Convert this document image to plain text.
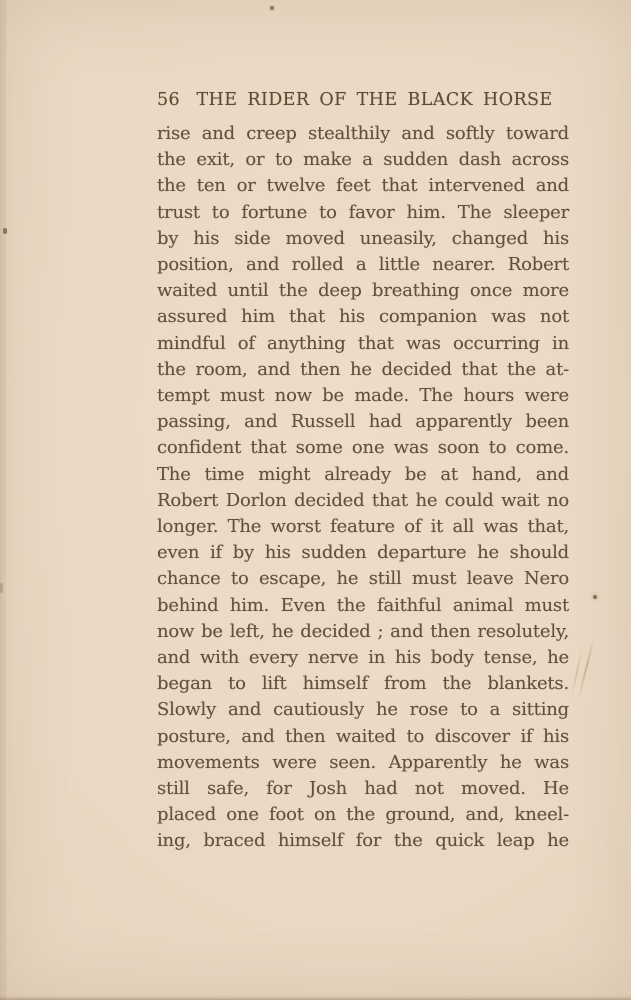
56 THE RIDER OF THE BLACK HORSE
rise and creep stealthily and softly toward
the exit, or to make a sudden dash across
the ten or twelve feet that intervened and
trust to fortune to favor him. The sleeper
by his side moved uneasily, changed his
position, and rolled a little nearer. Robert
waited until the deep breathing once more
assured him that his companion was not
mindful of anything that was occurring in
the room, and then he decided that the at-
tempt must now be made. The hours were
passing, and Russell had apparently been
confident that some one was soon to come.
The time might already be at hand, and
Robert Dorlon decided that he could wait no
longer. The worst feature of it all was that,
even if by his sudden departure he should
chance to escape, he still must leave Nero
behind him. Even the faithful animal must
now be left, he decided ; and then resolutely,
and with every nerve in his body tense, he
began to lift himself from the blankets.
Slowly and cautiously he rose to a sitting
posture, and then waited to discover if his
movements were seen. Apparently he was
still safe, for Josh had not moved. He
placed one foot on the ground, and, kneel-
ing, braced himself for the quick leap he
